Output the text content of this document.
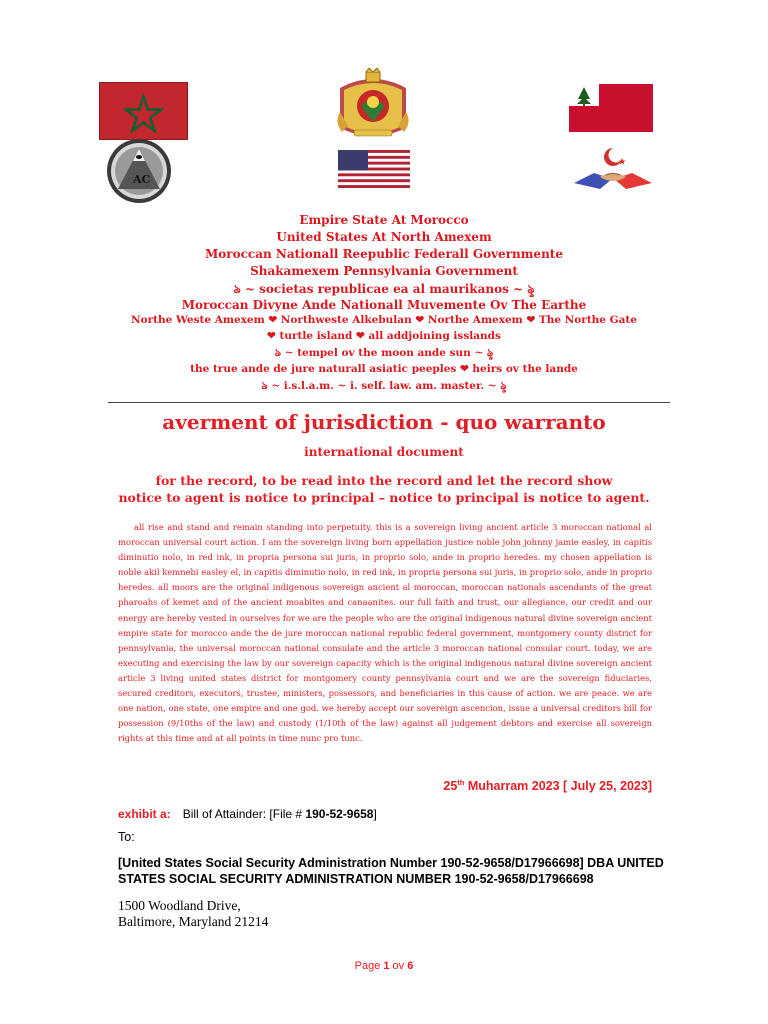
AC
Empire State At Morocco
United States At North Amexem
Moroccan Nationall Reepublic Federall Governmente
Shakamexem Pennsylvania Government
ঌ ~ societas republicae ea al maurikanos ~ ৡ
Moroccan Divyne Ande Nationall Muvemente Ov The Earthe
Northe Weste Amexem ❤ Northweste Alkebulan ❤ Northe Amexem ❤ The Northe Gate
❤ turtle island ❤ all addjoining isslands
ঌ ~ tempel ov the moon ande sun ~ ৡ
the true ande de jure naturall asiatic peeples ❤ heirs ov the lande
ঌ ~ i.s.l.a.m. ~ i. self. law. am. master. ~ ৡ
averment of jurisdiction - quo warranto
international document
for the record, to be read into the record and let the record show
notice to agent is notice to principal – notice to principal is notice to agent.
all rise and stand and remain standing into perpetuity. this is a sovereign living ancient article 3 moroccan national al moroccan universal court action. I am the sovereign living born appellation justice noble john johnny jamie easley, in capitis diminutio nolo, in red ink, in propria persona sui juris, in proprio solo, ande in proprio heredes. my chosen appellation is noble akil kemnebi easley el, in capitis diminutio nolo, in red ink, in propria persona sui juris, in proprio solo, ande in proprio heredes. all moors are the original indigenous sovereign ancient al moroccan, moroccan nationals ascendants of the great pharoahs of kemet and of the ancient moabites and canaanites. our full faith and trust, our allegiance, our credit and our energy are hereby vested in ourselves for we are the people who are the original indigenous natural divine sovereign ancient empire state for morocco ande the de jure moroccan national republic federal government, montgomery county district for pennsylvania, the universal moroccan national consulate and the article 3 moroccan national consular court. today, we are executing and exercising the law by our sovereign capacity which is the original indigenous natural divine sovereign ancient article 3 living united states district for montgomery county pennsylvania court and we are the sovereign fiduciaries, secured creditors, executors, trustee, ministers, possessors, and beneficiaries in this cause of action. we are peace. we are one nation, one state, one empire and one god. we hereby accept our sovereign ascencion, issue a universal creditors bill for possession (9/10ths of the law) and custody (1/10th of the law) against all judgement debtors and exercise all sovereign rights at this time and at all points in time nunc pro tunc.
25th Muharram 2023 [ July 25, 2023]
exhibit a: Bill of Attainder: [File # 190-52-9658]
To:
[United States Social Security Administration Number 190-52-9658/D17966698] DBA UNITED STATES SOCIAL SECURITY ADMINISTRATION NUMBER 190-52-9658/D17966698
1500 Woodland Drive,
Baltimore, Maryland 21214
Page 1 ov 6
